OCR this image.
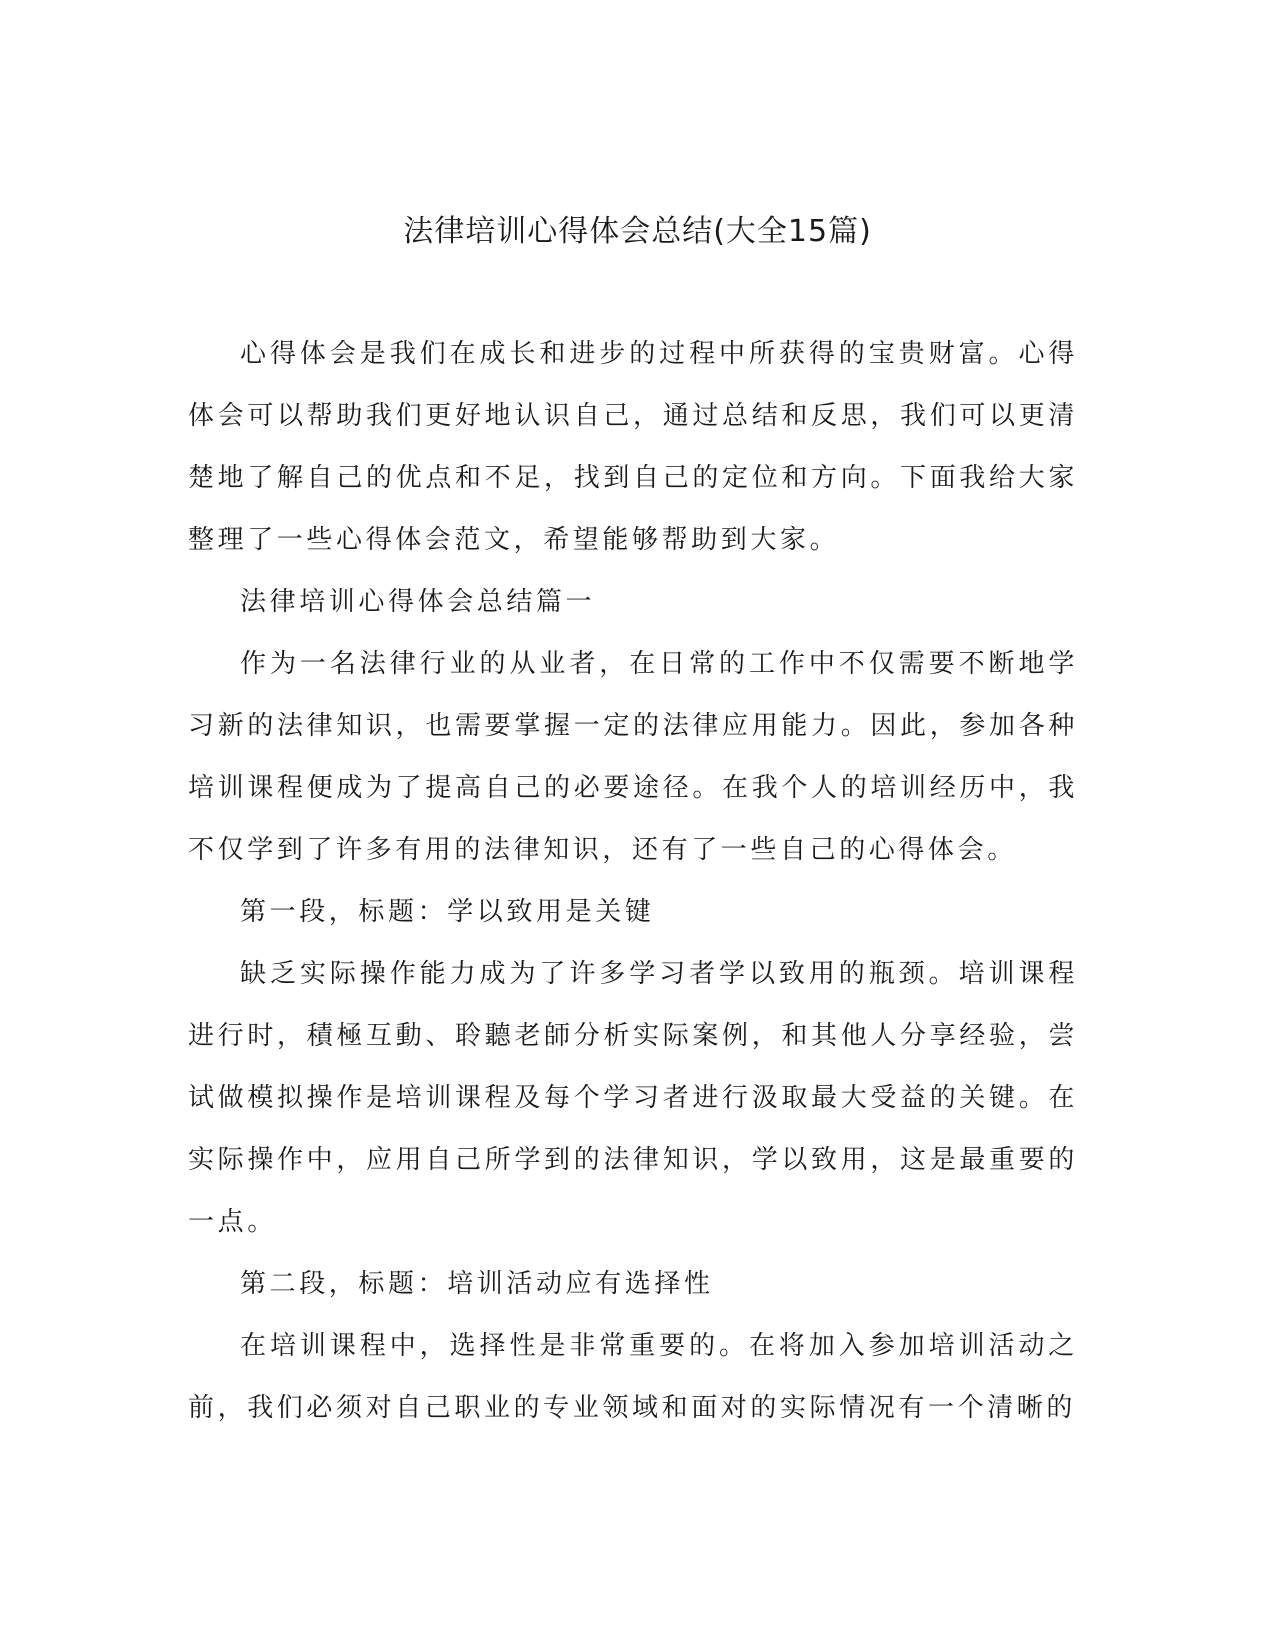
法律培训心得体会总结(大全15篇)

心得体会是我们在成长和进步的过程中所获得的宝贵财富。心得体会可以帮助我们更好地认识自己，通过总结和反思，我们可以更清楚地了解自己的优点和不足，找到自己的定位和方向。下面我给大家整理了一些心得体会范文，希望能够帮助到大家。

法律培训心得体会总结篇一

作为一名法律行业的从业者，在日常的工作中不仅需要不断地学习新的法律知识，也需要掌握一定的法律应用能力。因此，参加各种培训课程便成为了提高自己的必要途径。在我个人的培训经历中，我不仅学到了许多有用的法律知识，还有了一些自己的心得体会。

第一段，标题：学以致用是关键

缺乏实际操作能力成为了许多学习者学以致用的瓶颈。培训课程进行时，積極互動、聆聽老師分析实际案例，和其他人分享经验，尝试做模拟操作是培训课程及每个学习者进行汲取最大受益的关键。在实际操作中，应用自己所学到的法律知识，学以致用，这是最重要的一点。

第二段，标题：培训活动应有选择性

在培训课程中，选择性是非常重要的。在将加入参加培训活动之前，我们必须对自己职业的专业领域和面对的实际情况有一个清晰的
